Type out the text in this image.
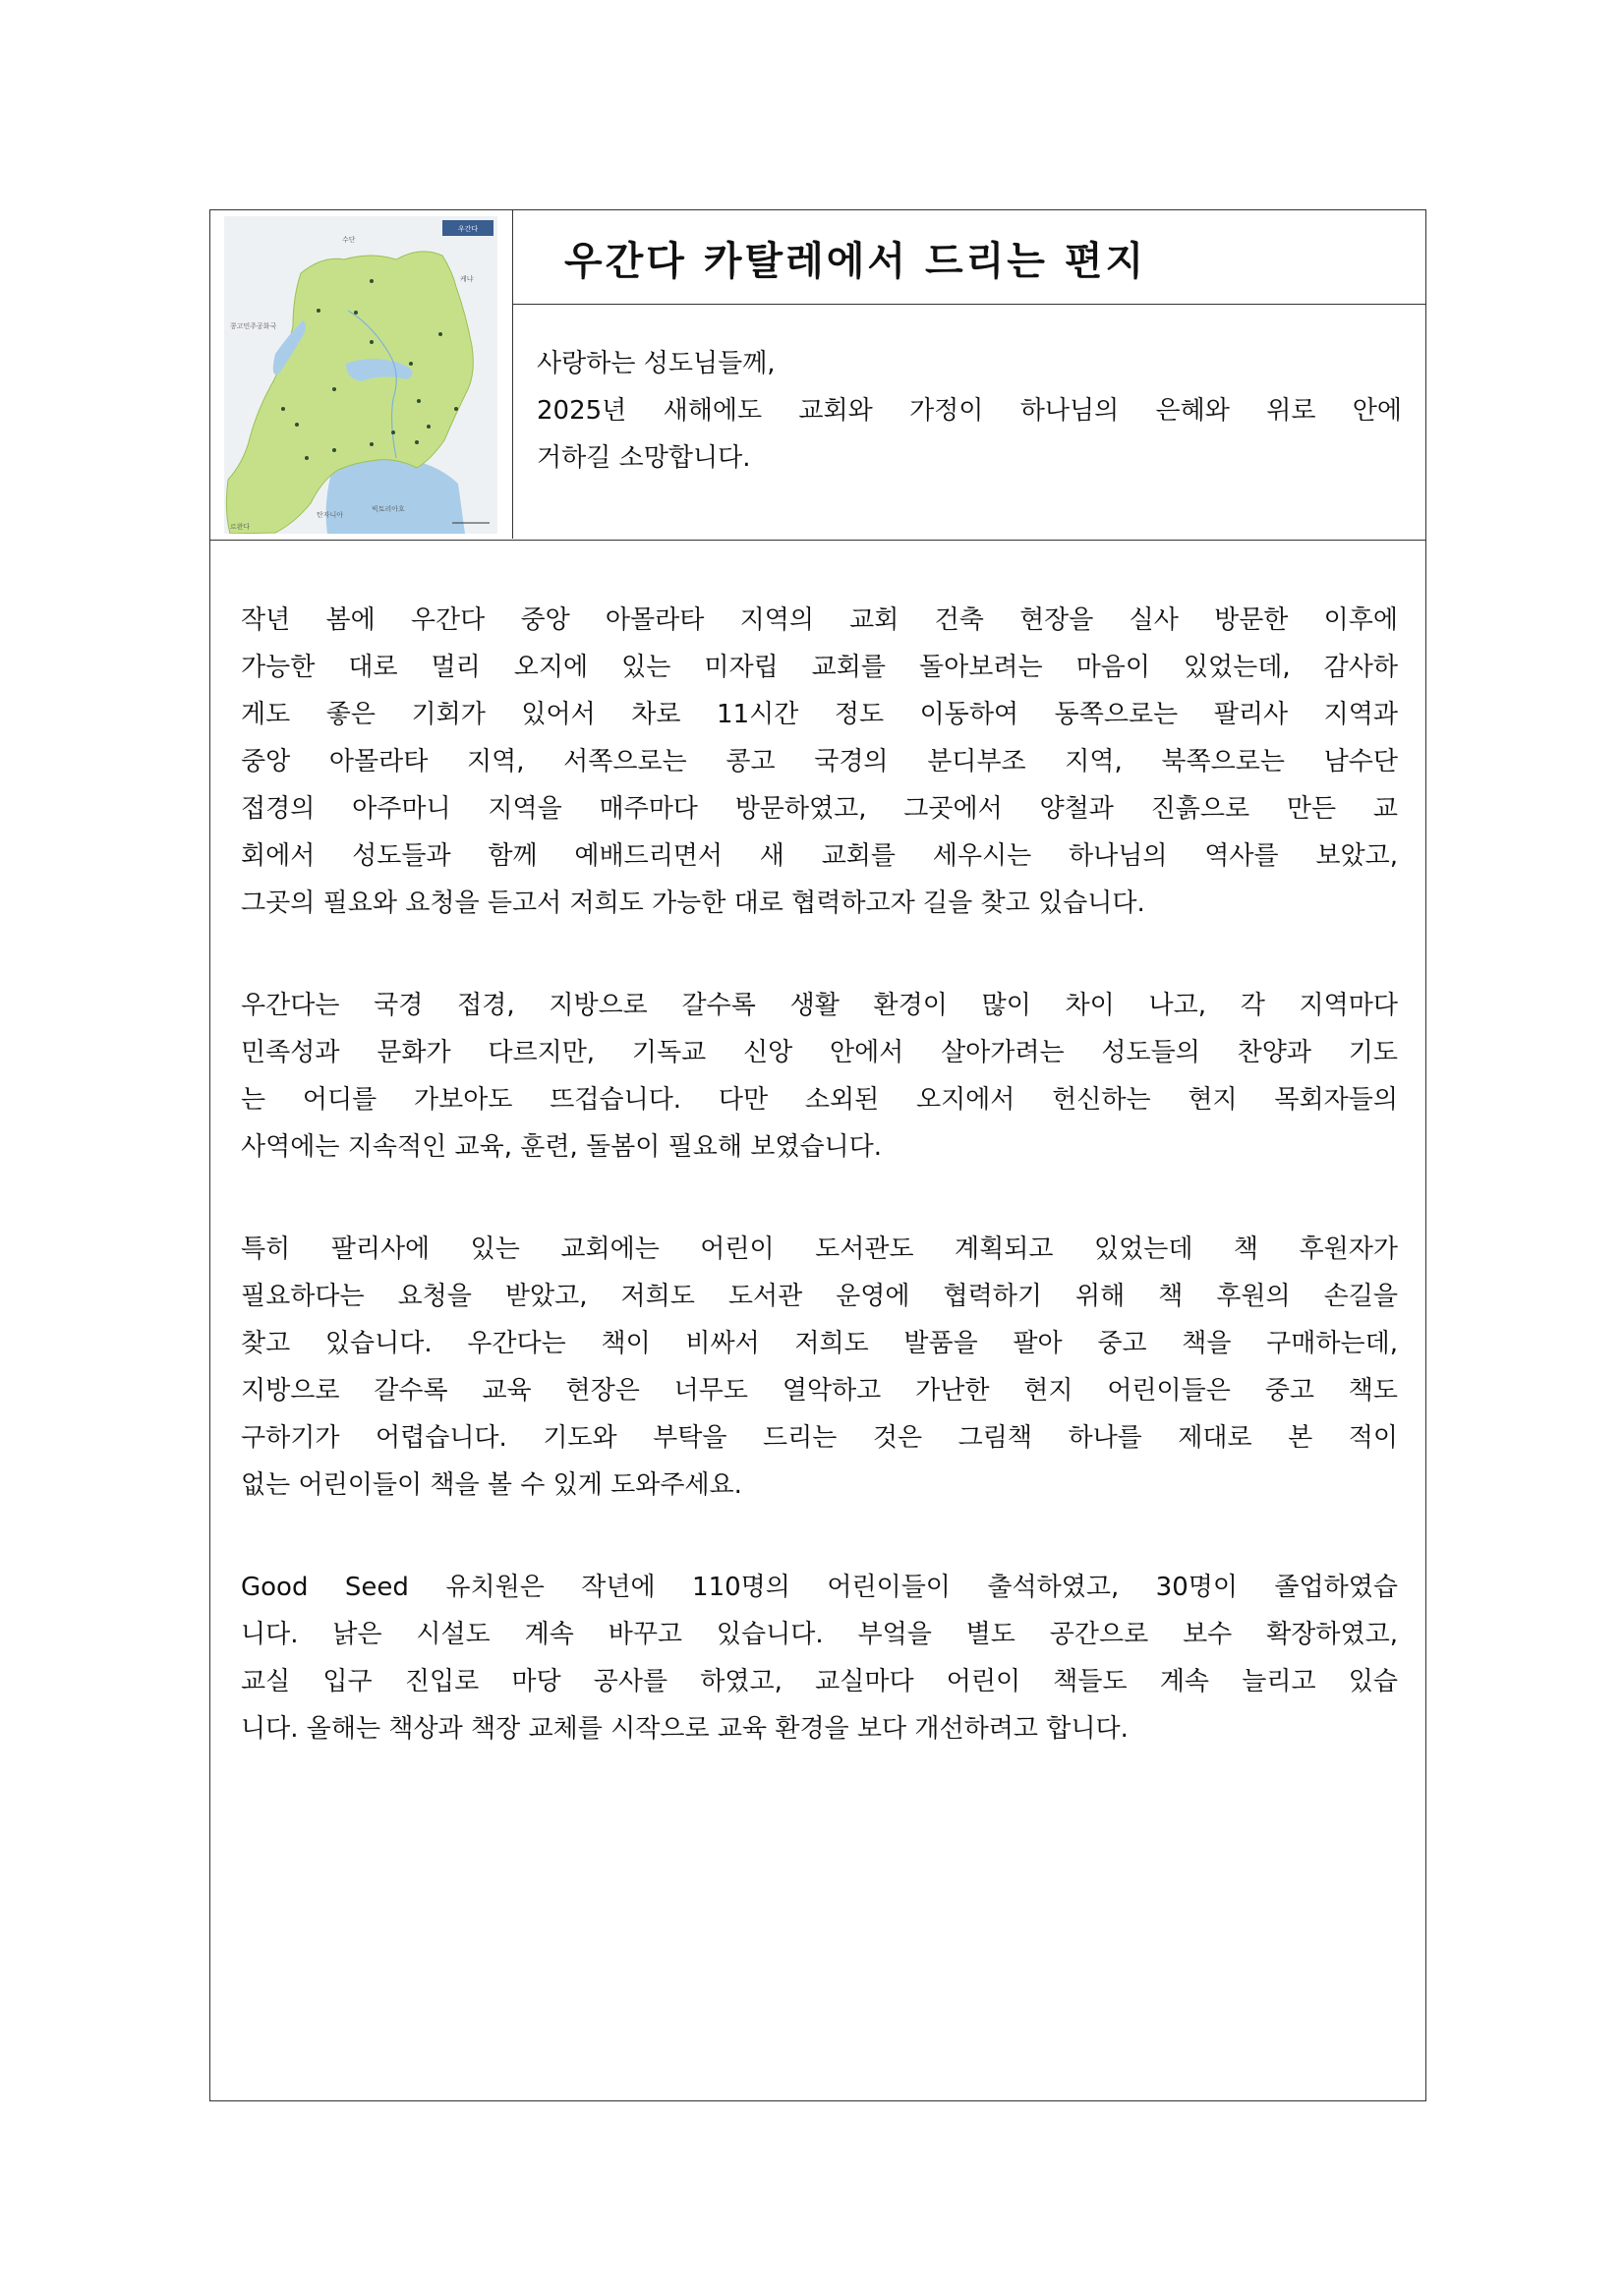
우간다
수단
케냐
콩고민주공화국
탄자니아
르완다
빅토리아호
우간다 카탈레에서 드리는 편지
사랑하는 성도님들께,
2025년 새해에도 교회와 가정이 하나님의 은혜와 위로 안에
거하길 소망합니다.
작년 봄에 우간다 중앙 아몰라타 지역의 교회 건축 현장을 실사 방문한 이후에
가능한 대로 멀리 오지에 있는 미자립 교회를 돌아보려는 마음이 있었는데, 감사하
게도 좋은 기회가 있어서 차로 11시간 정도 이동하여 동쪽으로는 팔리사 지역과
중앙 아몰라타 지역, 서쪽으로는 콩고 국경의 분디부조 지역, 북쪽으로는 남수단
접경의 아주마니 지역을 매주마다 방문하였고, 그곳에서 양철과 진흙으로 만든 교
회에서 성도들과 함께 예배드리면서 새 교회를 세우시는 하나님의 역사를 보았고,
그곳의 필요와 요청을 듣고서 저희도 가능한 대로 협력하고자 길을 찾고 있습니다.
우간다는 국경 접경, 지방으로 갈수록 생활 환경이 많이 차이 나고, 각 지역마다
민족성과 문화가 다르지만, 기독교 신앙 안에서 살아가려는 성도들의 찬양과 기도
는 어디를 가보아도 뜨겁습니다. 다만 소외된 오지에서 헌신하는 현지 목회자들의
사역에는 지속적인 교육, 훈련, 돌봄이 필요해 보였습니다.
특히 팔리사에 있는 교회에는 어린이 도서관도 계획되고 있었는데 책 후원자가
필요하다는 요청을 받았고, 저희도 도서관 운영에 협력하기 위해 책 후원의 손길을
찾고 있습니다. 우간다는 책이 비싸서 저희도 발품을 팔아 중고 책을 구매하는데,
지방으로 갈수록 교육 현장은 너무도 열악하고 가난한 현지 어린이들은 중고 책도
구하기가 어렵습니다. 기도와 부탁을 드리는 것은 그림책 하나를 제대로 본 적이
없는 어린이들이 책을 볼 수 있게 도와주세요.
Good Seed 유치원은 작년에 110명의 어린이들이 출석하였고, 30명이 졸업하였습
니다. 낡은 시설도 계속 바꾸고 있습니다. 부엌을 별도 공간으로 보수 확장하였고,
교실 입구 진입로 마당 공사를 하였고, 교실마다 어린이 책들도 계속 늘리고 있습
니다. 올해는 책상과 책장 교체를 시작으로 교육 환경을 보다 개선하려고 합니다.
